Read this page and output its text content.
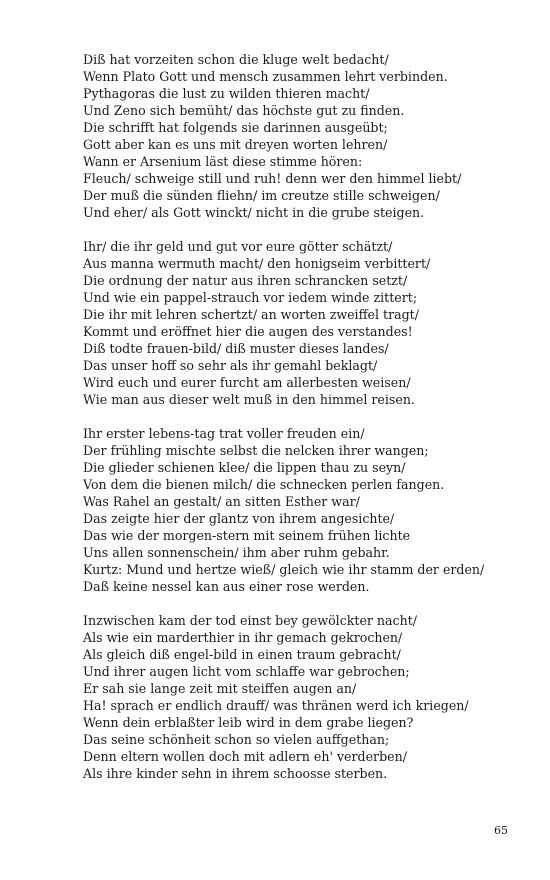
Diß hat vorzeiten schon die kluge welt bedacht/
Wenn Plato Gott und mensch zusammen lehrt verbinden.
Pythagoras die lust zu wilden thieren macht/
Und Zeno sich bemüht/ das höchste gut zu finden.
Die schrifft hat folgends sie darinnen ausgeübt;
Gott aber kan es uns mit dreyen worten lehren/
Wann er Arsenium läst diese stimme hören:
Fleuch/ schweige still und ruh! denn wer den himmel liebt/
Der muß die sünden fliehn/ im creutze stille schweigen/
Und eher/ als Gott winckt/ nicht in die grube steigen.
Ihr/ die ihr geld und gut vor eure götter schätzt/
Aus manna wermuth macht/ den honigseim verbittert/
Die ordnung der natur aus ihren schrancken setzt/
Und wie ein pappel-strauch vor iedem winde zittert;
Die ihr mit lehren schertzt/ an worten zweiffel tragt/
Kommt und eröffnet hier die augen des verstandes!
Diß todte frauen-bild/ diß muster dieses landes/
Das unser hoff so sehr als ihr gemahl beklagt/
Wird euch und eurer furcht am allerbesten weisen/
Wie man aus dieser welt muß in den himmel reisen.
Ihr erster lebens-tag trat voller freuden ein/
Der frühling mischte selbst die nelcken ihrer wangen;
Die glieder schienen klee/ die lippen thau zu seyn/
Von dem die bienen milch/ die schnecken perlen fangen.
Was Rahel an gestalt/ an sitten Esther war/
Das zeigte hier der glantz von ihrem angesichte/
Das wie der morgen-stern mit seinem frühen lichte
Uns allen sonnenschein/ ihm aber ruhm gebahr.
Kurtz: Mund und hertze wieß/ gleich wie ihr stamm der erden/
Daß keine nessel kan aus einer rose werden.
Inzwischen kam der tod einst bey gewölckter nacht/
Als wie ein marderthier in ihr gemach gekrochen/
Als gleich diß engel-bild in einen traum gebracht/
Und ihrer augen licht vom schlaffe war gebrochen;
Er sah sie lange zeit mit steiffen augen an/
Ha! sprach er endlich drauff/ was thränen werd ich kriegen/
Wenn dein erblaßter leib wird in dem grabe liegen?
Das seine schönheit schon so vielen auffgethan;
Denn eltern wollen doch mit adlern eh' verderben/
Als ihre kinder sehn in ihrem schoosse sterben.
65
